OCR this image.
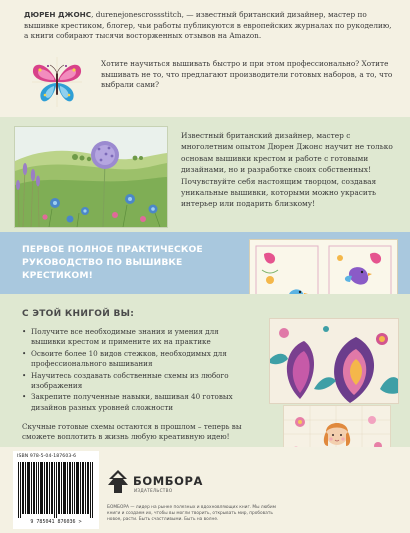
ДЮРЕН ДЖОНС, durenejonescrossstitch, — известный британский дизайнер, мастер по вышивке крестиком, блогер, чьи работы публикуются в европейских журналах по рукоделию, а книги собирают тысячи восторженных отзывов на Amazon.
Хотите научиться вышивать быстро и при этом профессионально? Хотите вышивать не то, что предлагают производители готовых наборов, а то, что выбрали сами?
Известный британский дизайнер, мастер с многолетним опытом Дюрен Джонс научит не только основам вышивки крестом и работе с готовыми дизайнами, но и разработке своих собственных! Почувствуйте себя настоящим творцом, создавая уникальные вышивки, которыми можно украсить интерьер или подарить близкому!
ПЕРВОЕ ПОЛНОЕ ПРАКТИЧЕСКОЕ РУКОВОДСТВО ПО ВЫШИВКЕ КРЕСТИКОМ!
С ЭТОЙ КНИГОЙ ВЫ:
• Получите все необходимые знания и умения для вышивки крестом и примените их на практике
• Освоите более 10 видов стежков, необходимых для профессионального вышивания
• Научитесь создавать собственные схемы из любого изображения
• Закрепите полученные навыки, вышивая 40 готовых дизайнов разных уровней сложности
Скучные готовые схемы остаются в прошлом – теперь вы сможете воплотить в жизнь любую креативную идею!
ISBN 978-5-04-187603-6
9 785041 876036 >
БОМБОРА
ИЗДАТЕЛЬСТВО
БОМБОРА — лидер на рынке полезных и вдохновляющих книг. Мы любим книги и создаем их, чтобы вы могли творить, открывать мир, пробовать новое, расти. Быть счастливыми. Быть на волне.
